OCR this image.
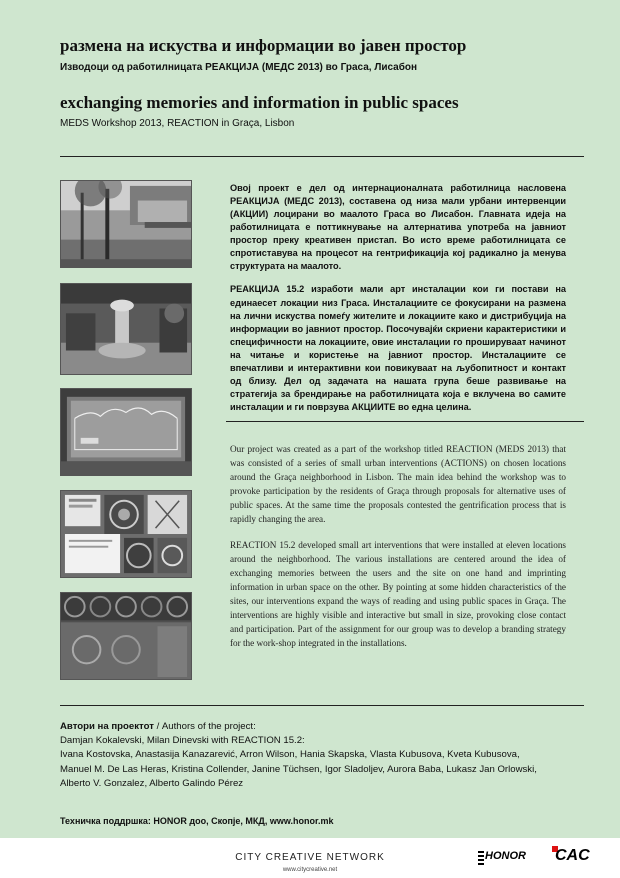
размена на искуства и информации во јавен простор
Изводоци од работилницата РЕАКЦИЈА (МЕДС 2013) во Граса, Лисабон
exchanging memories and information in public spaces
MEDS Workshop 2013, REACTION in Graça, Lisbon

Овој проект е дел од интернационалната работилница насловена РЕАКЦИЈА (МЕДС 2013), составена од низа мали урбани интервенции (АКЦИИ) лоцирани во маалото Граса во Лисабон. Главната идеја на работилницата е поттикнување на алтернатива употреба на јавниот простор преку креативен пристап. Во исто време работилницата се спротиставува на процесот на гентрификација кој радикално ја менува структурата на маалото.

РЕАКЦИЈА 15.2 изработи мали арт инсталации кои ги постави на единаесет локации низ Граса. Инсталациите се фокусирани на размена на лични искуства помеѓу жителите и локациите како и дистрибуција на информации во јавниот простор. Посочувајќи скриени карактеристики и специфичности на локациите, овие инсталации го прошируваат начинот на читање и користење на јавниот простор. Инсталациите се впечатливи и интерактивни кои повикуваат на љубопитност и контакт од близу. Дел од задачата на нашата група беше развивање на стратегија за брендирање на работилницата која е вклучена во самите инсталации и ги поврзува АКЦИИТЕ во една целина.

Our project was created as a part of the workshop titled REACTION (MEDS 2013) that was consisted of a series of small urban interventions (ACTIONS) on chosen locations around the Graça neighborhood in Lisbon. The main idea behind the workshop was to provoke participation by the residents of Graça through proposals for alternative uses of public spaces. At the same time the proposals contested the gentrification process that is rapidly changing the area.

REACTION 15.2 developed small art interventions that were installed at eleven locations around the neighborhood. The various installations are centered around the idea of exchanging memories between the users and the site on one hand and imprinting information in urban space on the other. By pointing at some hidden characteristics of the sites, our interventions expand the ways of reading and using public spaces in Graça. The interventions are highly visible and interactive but small in size, provoking close contact and participation. Part of the assignment for our group was to develop a branding strategy for the work-shop integrated in the installations.

Автори на проектот / Authors of the project:
Damjan Kokalevski, Milan Dinevski with REACTION 15.2:
Ivana Kostovska, Anastasija Kanazarević, Arron Wilson, Hania Skapska, Vlasta Kubusova, Kveta Kubusova,
Manuel M. De Las Heras, Kristina Collender, Janine Tüchsen, Igor Sladoljev, Aurora Baba, Lukasz Jan Orlowski,
Alberto V. Gonzalez, Alberto Galindo Pérez
Техничка поддршка: HONOR доо, Скопје, МКД, www.honor.mk
CITY CREATIVE NETWORK
www.citycreative.net
HONOR CAC
